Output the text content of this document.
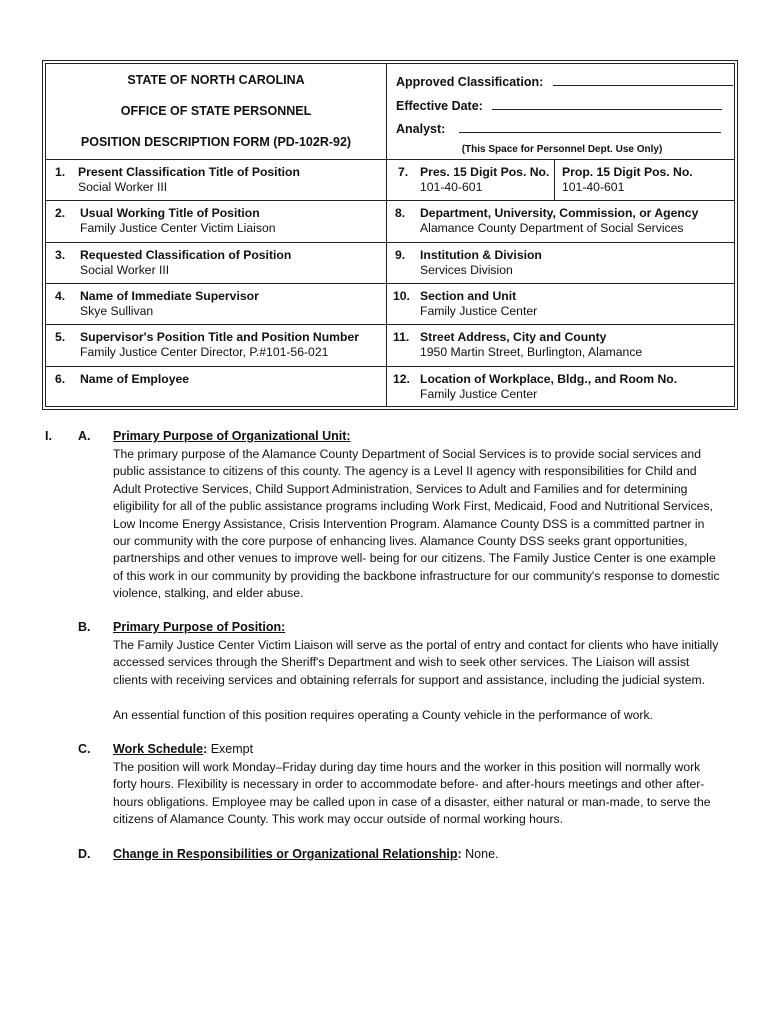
STATE OF NORTH CAROLINA
OFFICE OF STATE PERSONNEL
POSITION DESCRIPTION FORM (PD-102R-92)
Approved Classification:
Effective Date:
Analyst:
(This Space for Personnel Dept. Use Only)
1. Present Classification Title of Position
Social Worker III
2. Usual Working Title of Position
Family Justice Center Victim Liaison
3. Requested Classification of Position
Social Worker III
4. Name of Immediate Supervisor
Skye Sullivan
5. Supervisor's Position Title and Position Number
Family Justice Center Director, P.#101-56-021
6. Name of Employee
7. Pres. 15 Digit Pos. No.
101-40-601
Prop. 15 Digit Pos. No.
101-40-601
8. Department, University, Commission, or Agency
Alamance County Department of Social Services
9. Institution & Division
Services Division
10. Section and Unit
Family Justice Center
11. Street Address, City and County
1950 Martin Street, Burlington, Alamance
12. Location of Workplace, Bldg., and Room No.
Family Justice Center
I. A. Primary Purpose of Organizational Unit:
The primary purpose of the Alamance County Department of Social Services is to provide social services and
public assistance to citizens of this county. The agency is a Level II agency with responsibilities for Child and
Adult Protective Services, Child Support Administration, Services to Adult and Families and for determining
eligibility for all of the public assistance programs including Work First, Medicaid, Food and Nutritional Services,
Low Income Energy Assistance, Crisis Intervention Program. Alamance County DSS is a committed partner in
our community with the core purpose of enhancing lives. Alamance County DSS seeks grant opportunities,
partnerships and other venues to improve well- being for our citizens. The Family Justice Center is one example
of this work in our community by providing the backbone infrastructure for our community's response to domestic
violence, stalking, and elder abuse.
B. Primary Purpose of Position:
The Family Justice Center Victim Liaison will serve as the portal of entry and contact for clients who have initially
accessed services through the Sheriff's Department and wish to seek other services. The Liaison will assist
clients with receiving services and obtaining referrals for support and assistance, including the judicial system.
An essential function of this position requires operating a County vehicle in the performance of work.
C. Work Schedule: Exempt
The position will work Monday–Friday during day time hours and the worker in this position will normally work
forty hours. Flexibility is necessary in order to accommodate before- and after-hours meetings and other after-
hours obligations. Employee may be called upon in case of a disaster, either natural or man-made, to serve the
citizens of Alamance County. This work may occur outside of normal working hours.
D. Change in Responsibilities or Organizational Relationship: None.
